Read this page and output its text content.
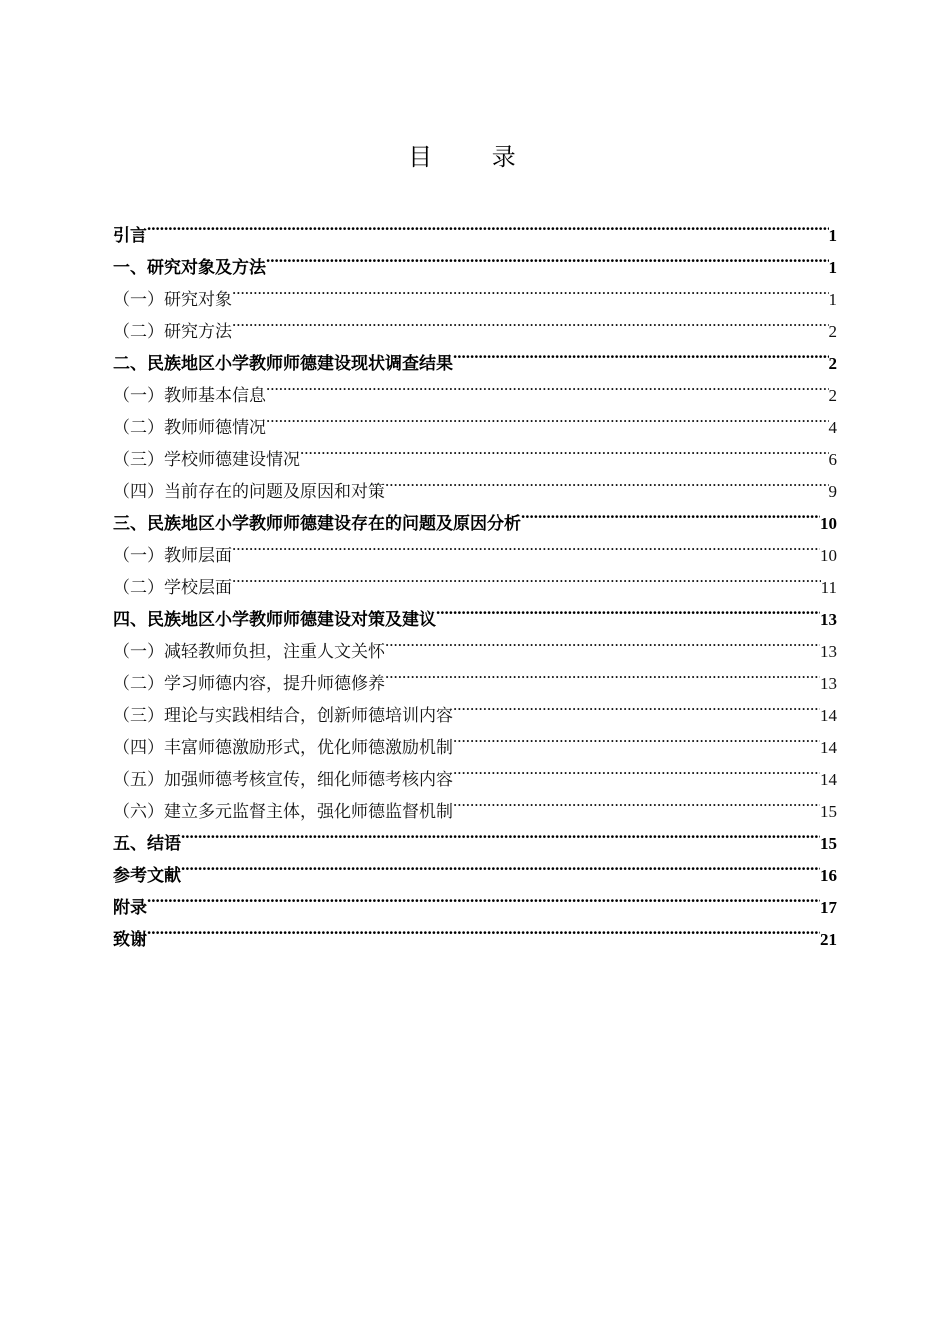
目 录
引言 .....	1
一、研究对象及方法 .....	1
（一）研究对象 .....	1
（二）研究方法 .....	2
二、民族地区小学教师师德建设现状调查结果 .....	2
（一）教师基本信息 .....	2
（二）教师师德情况 .....	4
（三）学校师德建设情况 .....	6
（四）当前存在的问题及原因和对策 .....	9
三、民族地区小学教师师德建设存在的问题及原因分析 .....	10
（一）教师层面 .....	10
（二）学校层面 .....	11
四、民族地区小学教师师德建设对策及建议 .....	13
（一）减轻教师负担，注重人文关怀 .....	13
（二）学习师德内容，提升师德修养 .....	13
（三）理论与实践相结合，创新师德培训内容 .....	14
（四）丰富师德激励形式，优化师德激励机制 .....	14
（五）加强师德考核宣传，细化师德考核内容 .....	14
（六）建立多元监督主体，强化师德监督机制 .....	15
五、结语 .....	15
参考文献 .....	16
附录 .....	17
致谢 .....	21
